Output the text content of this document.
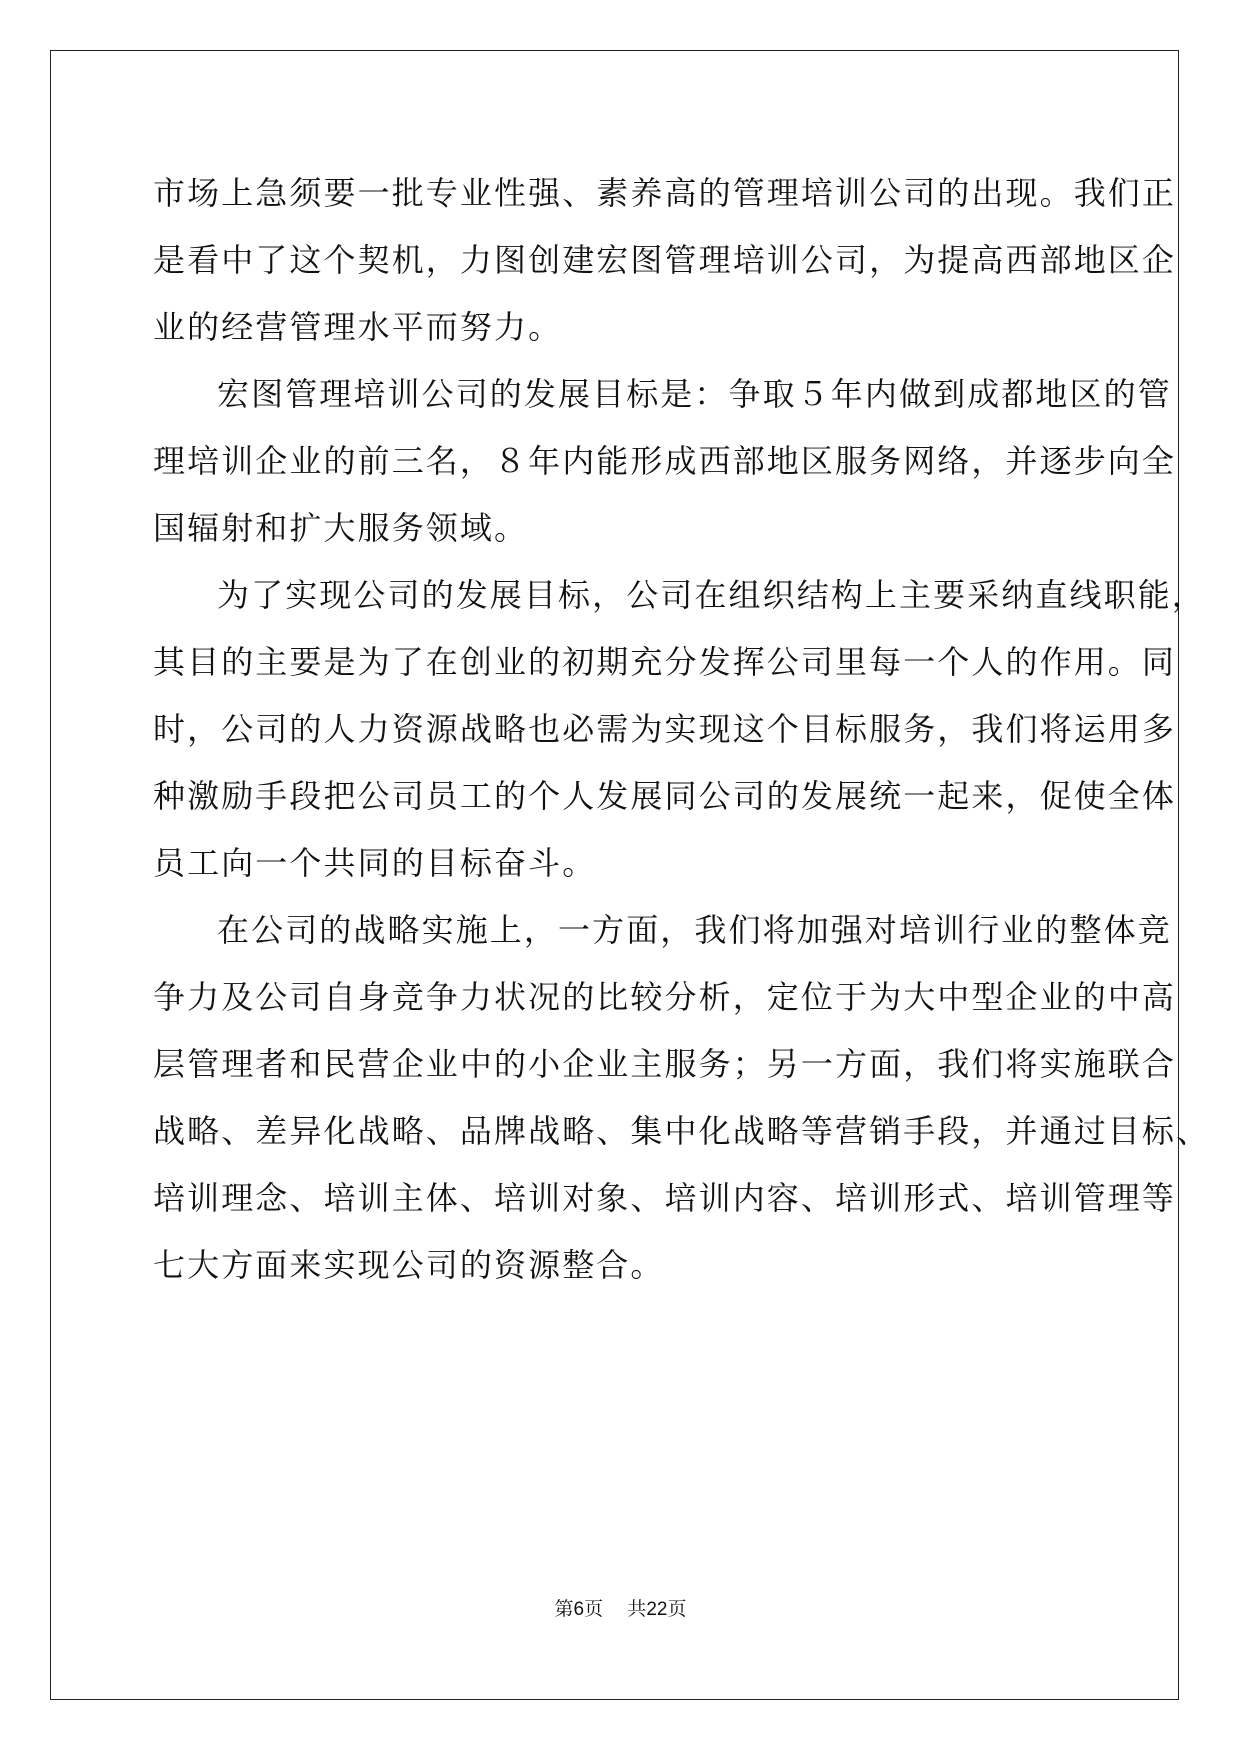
市场上急须要一批专业性强、素养高的管理培训公司的出现。我们正
是看中了这个契机，力图创建宏图管理培训公司，为提高西部地区企
业的经营管理水平而努力。
宏图管理培训公司的发展目标是：争取５年内做到成都地区的管
理培训企业的前三名，８年内能形成西部地区服务网络，并逐步向全
国辐射和扩大服务领域。
为了实现公司的发展目标，公司在组织结构上主要采纳直线职能，
其目的主要是为了在创业的初期充分发挥公司里每一个人的作用。同
时，公司的人力资源战略也必需为实现这个目标服务，我们将运用多
种激励手段把公司员工的个人发展同公司的发展统一起来，促使全体
员工向一个共同的目标奋斗。
在公司的战略实施上，一方面，我们将加强对培训行业的整体竞
争力及公司自身竞争力状况的比较分析，定位于为大中型企业的中高
层管理者和民营企业中的小企业主服务；另一方面，我们将实施联合
战略、差异化战略、品牌战略、集中化战略等营销手段，并通过目标、
培训理念、培训主体、培训对象、培训内容、培训形式、培训管理等
七大方面来实现公司的资源整合。
第6页 共22页
